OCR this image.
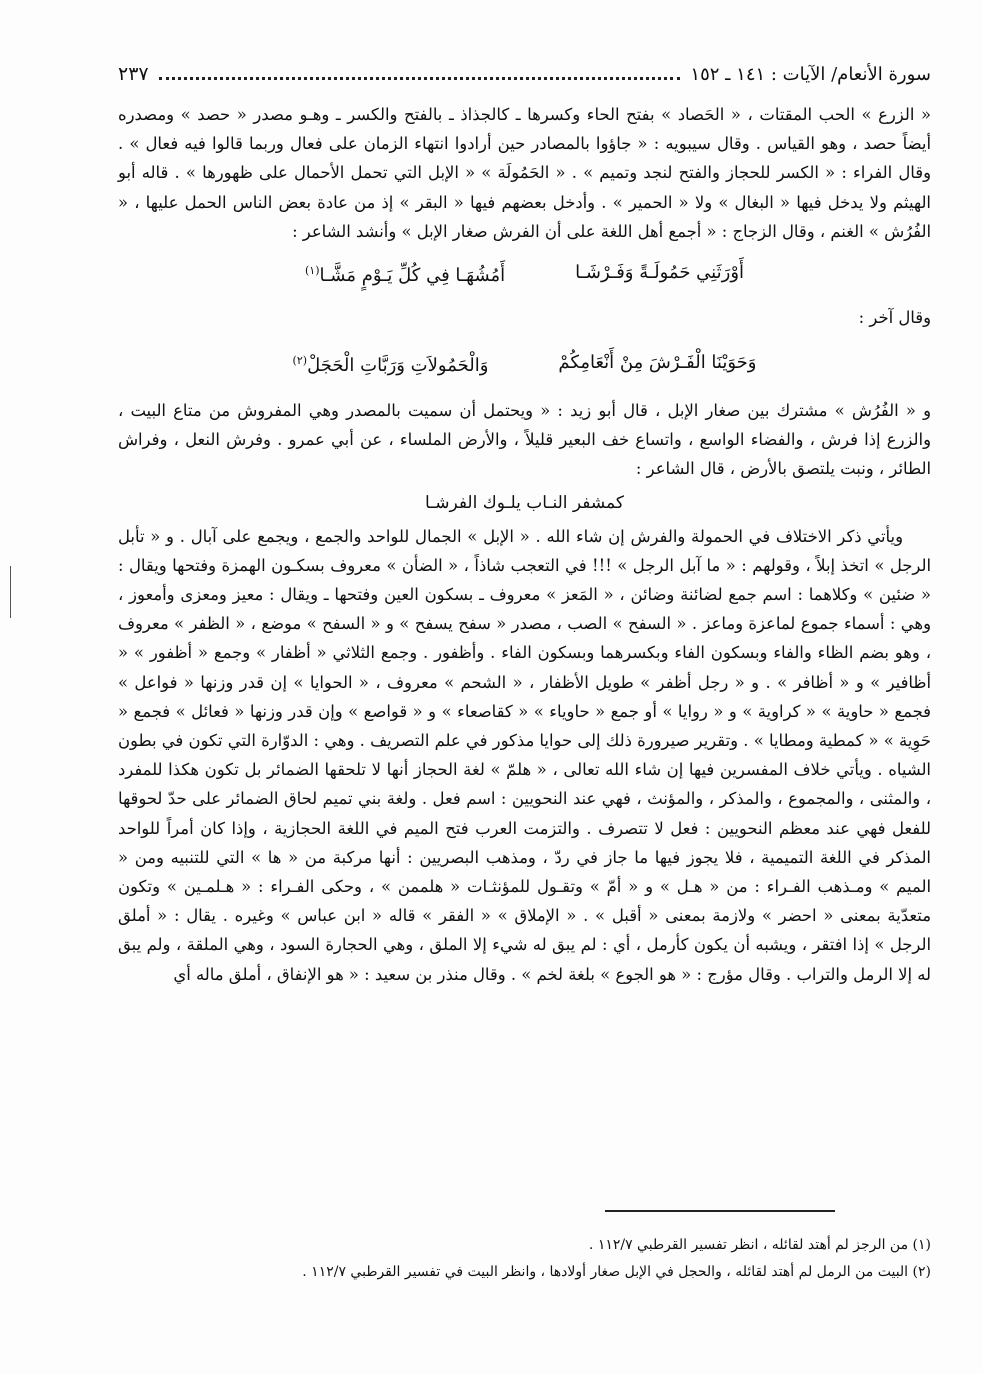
سورة الأنعام/ الآيات : ١٤١ ـ ١٥٢
٢٣٧

« الزرع » الحب المقتات ، « الحَصاد » بفتح الحاء وكسرها ـ كالجذاذ ـ بالفتح والكسر ـ وهـو مصدر « حصد » ومصدره أيضاً حصد ، وهو القياس . وقال سيبويه : « جاؤوا بالمصادر حين أرادوا انتهاء الزمان على فعال وربما قالوا فيه فعال » . وقال الفراء : « الكسر للحجاز والفتح لنجد وتميم » . « الحَمُولَة » « الإبل التي تحمل الأحمال على ظهورها » . قاله أبو الهيثم ولا يدخل فيها « البغال » ولا « الحمير » . وأدخل بعضهم فيها « البقر » إذ من عادة بعض الناس الحمل عليها ، « الفُرُش » الغنم ، وقال الزجاج : « أجمع أهل اللغة على أن الفرش صغار الإبل » وأنشد الشاعر :

أَوْرَثَنِي حَمُولَـةً وَفَـرْشَـا
أَمُشُهَـا فِي كُلِّ يَـوْمٍ مَشَّـا$^{(١)}$

وقال آخر :

وَحَوَيْنَا الْفَـرْشَ مِنْ أَنْعَامِكُمْ
وَالْحَمُولاَتِ وَرَبَّاتِ الْحَجَلْ$^{(٢)}$

و « الفُرُش » مشترك بين صغار الإبل ، قال أبو زيد : « ويحتمل أن سميت بالمصدر وهي المفروش من متاع البيت ، والزرع إذا فرش ، والفضاء الواسع ، واتساع خف البعير قليلاً ، والأرض الملساء ، عن أبي عمرو . وفرش النعل ، وفراش الطائر ، ونبت يلتصق بالأرض ، قال الشاعر :

كمشفر النـاب يلـوك الفرشـا

ويأتي ذكر الاختلاف في الحمولة والفرش إن شاء الله . « الإبل » الجمال للواحد والجمع ، ويجمع على آبال . و « تأبل الرجل » اتخذ إبلاً ، وقولهم : « ما آبل الرجل » !!! في التعجب شاذاً ، « الضأن » معروف بسكـون الهمزة وفتحها ويقال : « ضئين » وكلاهما : اسم جمع لضائنة وضائن ، « المَعز » معروف ـ بسكون العين وفتحها ـ ويقال : معيز ومعزى وأمعوز ، وهي : أسماء جموع لماعزة وماعز . « السفح » الصب ، مصدر « سفح يسفح » و « السفح » موضع ، « الظفر » معروف ، وهو بضم الظاء والفاء وبسكون الفاء وبكسرهما وبسكون الفاء . وأظفور . وجمع الثلاثي « أظفار » وجمع « أظفور » « أظافير » و « أظافر » . و « رجل أظفر » طويل الأظفار ، « الشحم » معروف ، « الحوايا » إن قدر وزنها « فواعل » فجمع « حاوية » « كراوية » و « روايا » أو جمع « حاوياء » « كقاصعاء » و « قواصع » وإن قدر وزنها « فعائل » فجمع « حَوِية » « كمطية ومطايا » . وتقرير صيرورة ذلك إلى حوايا مذكور في علم التصريف . وهي : الدوّارة التي تكون في بطون الشياه . ويأتي خلاف المفسرين فيها إن شاء الله تعالى ، « هلمّ » لغة الحجاز أنها لا تلحقها الضمائر بل تكون هكذا للمفرد ، والمثنى ، والمجموع ، والمذكر ، والمؤنث ، فهي عند النحويين : اسم فعل . ولغة بني تميم لحاق الضمائر على حدّ لحوقها للفعل فهي عند معظم النحويين : فعل لا تتصرف . والتزمت العرب فتح الميم في اللغة الحجازية ، وإذا كان أمراً للواحد المذكر في اللغة التميمية ، فلا يجوز فيها ما جاز في ردّ ، ومذهب البصريين : أنها مركبة من « ها » التي للتنبيه ومن « الميم » ومـذهب الفـراء : من « هـل » و « أمّ » وتقـول للمؤنثـات « هلممن » ، وحكى الفـراء : « هـلمـين » وتكون متعدّية بمعنى « احضر » ولازمة بمعنى « أقبل » . « الإملاق » « الفقر » قاله « ابن عباس » وغيره . يقال : « أملق الرجل » إذا افتقر ، ويشبه أن يكون كأرمل ، أي : لم يبق له شيء إلا الملق ، وهي الحجارة السود ، وهي الملقة ، ولم يبق له إلا الرمل والتراب . وقال مؤرج : « هو الجوع » بلغة لخم » . وقال منذر بن سعيد : « هو الإنفاق ، أملق ماله أي

(١) من الرجز لم أهتد لقائله ، انظر تفسير القرطبي ١١٢/٧ .
(٢) البيت من الرمل لم أهتد لقائله ، والحجل في الإبل صغار أولادها ، وانظر البيت في تفسير القرطبي ١١٢/٧ .
